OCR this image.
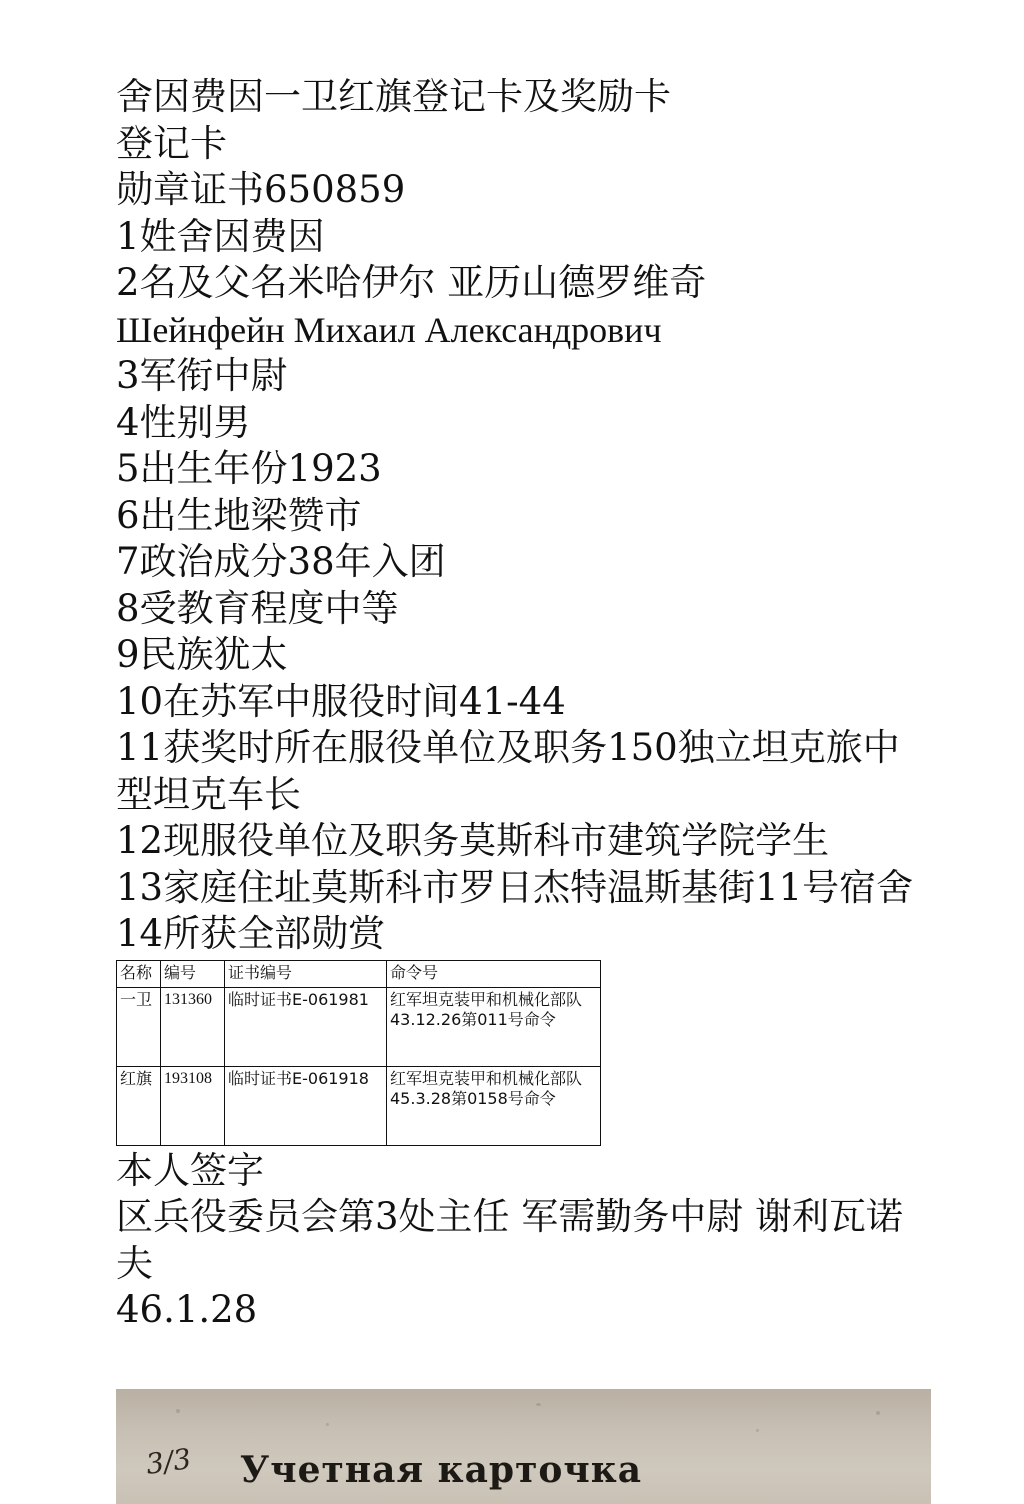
舍因费因一卫红旗登记卡及奖励卡

登记卡

勋章证书650859

1姓舍因费因

2名及父名米哈伊尔 亚历山德罗维奇

Шейнфейн Михаил Александрович

3军衔中尉

4性别男

5出生年份1923

6出生地梁赞市

7政治成分38年入团

8受教育程度中等

9民族犹太

10在苏军中服役时间41-44

11获奖时所在服役单位及职务150独立坦克旅中型坦克车长

12现服役单位及职务莫斯科市建筑学院学生

13家庭住址莫斯科市罗日杰特温斯基街11号宿舍

14所获全部勋赏

名称	编号	证书编号	命令号
一卫	131360	临时证书E-061981	红军坦克装甲和机械化部队43.12.26第011号命令
红旗	193108	临时证书E-061918	红军坦克装甲和机械化部队45.3.28第0158号命令

本人签字

区兵役委员会第3处主任 军需勤务中尉 谢利瓦诺夫

46.1.28

3/3 Учетная карточка
